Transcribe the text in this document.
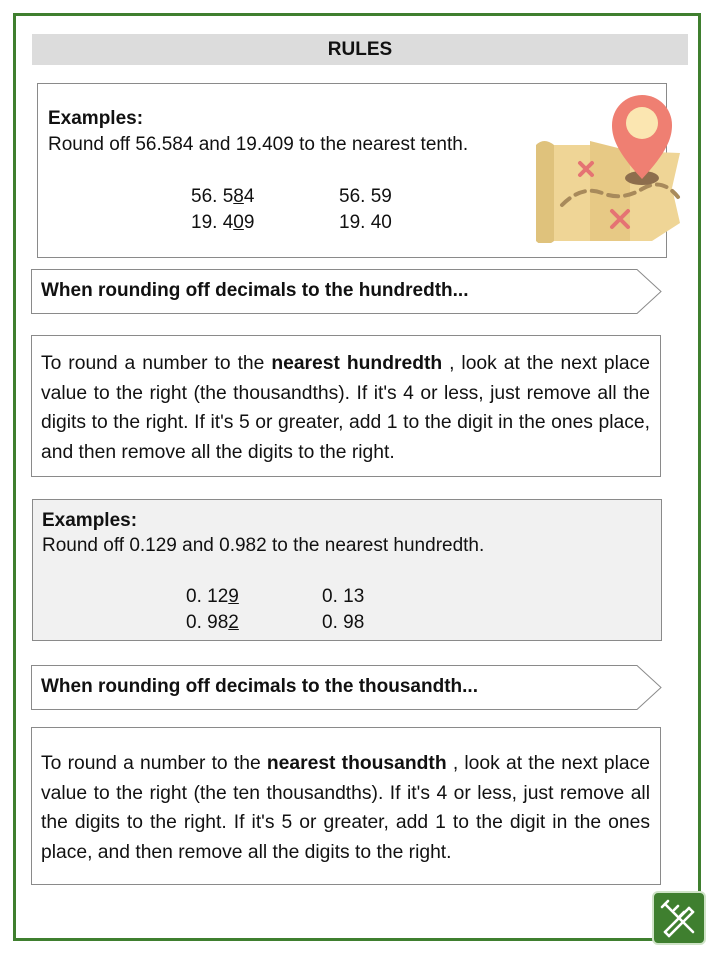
RULES
Examples:
Round off 56.584 and 19.409 to the nearest tenth.
56. 584	56. 59
19. 409	19. 40
When rounding off decimals to the hundredth...

To round a number to the nearest hundredth , look at the next place value to the right (the thousandths). If it's 4 or less, just remove all the digits to the right. If it's 5 or greater, add 1 to the digit in the ones place, and then remove all the digits to the right.

Examples:
Round off 0.129 and 0.982 to the nearest hundredth.
0. 129	0. 13
0. 982	0. 98
When rounding off decimals to the thousandth...

To round a number to the nearest thousandth , look at the next place value to the right (the ten thousandths). If it's 4 or less, just remove all the digits to the right. If it's 5 or greater, add 1 to the digit in the ones place, and then remove all the digits to the right.
